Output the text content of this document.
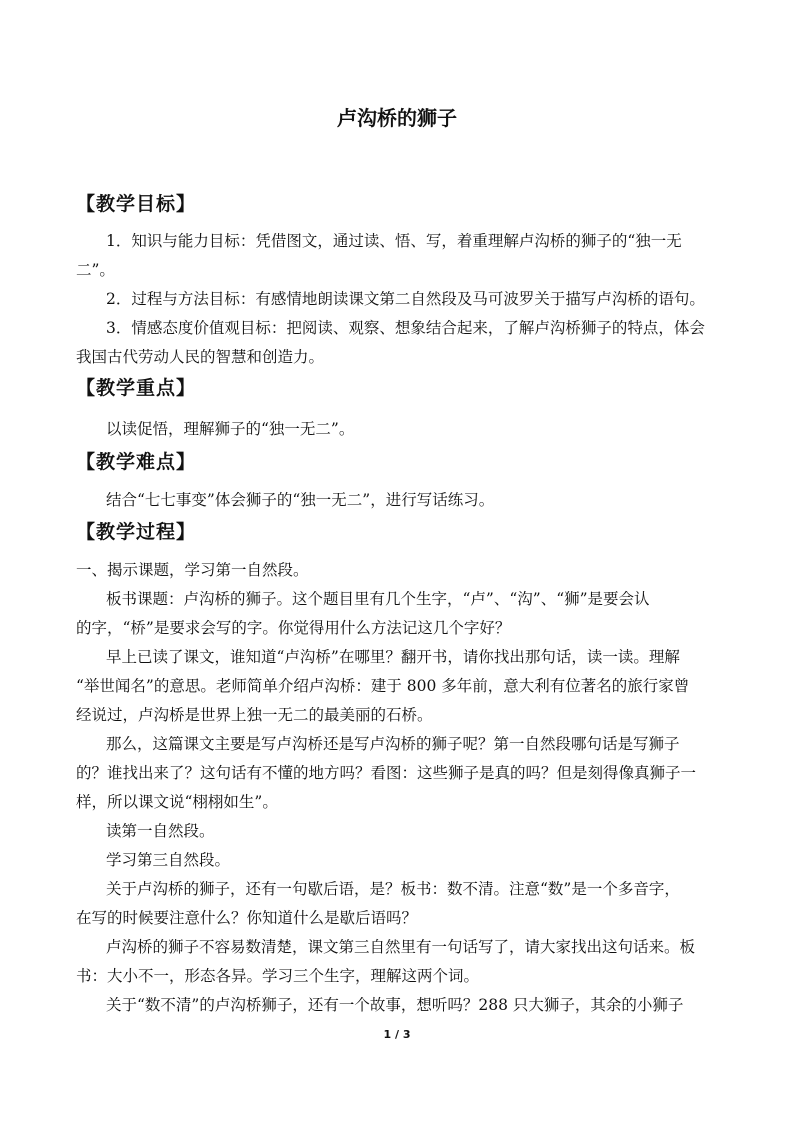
卢沟桥的狮子
【教学目标】
1．知识与能力目标：凭借图文，通过读、悟、写，着重理解卢沟桥的狮子的“独一无
二”。
2．过程与方法目标：有感情地朗读课文第二自然段及马可波罗关于描写卢沟桥的语句。
3．情感态度价值观目标：把阅读、观察、想象结合起来，了解卢沟桥狮子的特点，体会
我国古代劳动人民的智慧和创造力。
【教学重点】
以读促悟，理解狮子的“独一无二”。
【教学难点】
结合“七七事变”体会狮子的“独一无二”，进行写话练习。
【教学过程】
一、揭示课题，学习第一自然段。
板书课题：卢沟桥的狮子。这个题目里有几个生字，“卢”、“沟”、“狮”是要会认
的字，“桥”是要求会写的字。你觉得用什么方法记这几个字好？
早上已读了课文，谁知道“卢沟桥”在哪里？翻开书，请你找出那句话，读一读。理解
“举世闻名”的意思。老师简单介绍卢沟桥：建于 800 多年前，意大利有位著名的旅行家曾
经说过，卢沟桥是世界上独一无二的最美丽的石桥。
那么，这篇课文主要是写卢沟桥还是写卢沟桥的狮子呢？第一自然段哪句话是写狮子
的？谁找出来了？这句话有不懂的地方吗？看图：这些狮子是真的吗？但是刻得像真狮子一
样，所以课文说“栩栩如生”。
读第一自然段。
学习第三自然段。
关于卢沟桥的狮子，还有一句歇后语，是？板书：数不清。注意“数”是一个多音字，
在写的时候要注意什么？你知道什么是歇后语吗？
卢沟桥的狮子不容易数清楚，课文第三自然里有一句话写了，请大家找出这句话来。板
书：大小不一，形态各异。学习三个生字，理解这两个词。
关于“数不清”的卢沟桥狮子，还有一个故事，想听吗？288 只大狮子，其余的小狮子
1 / 3
